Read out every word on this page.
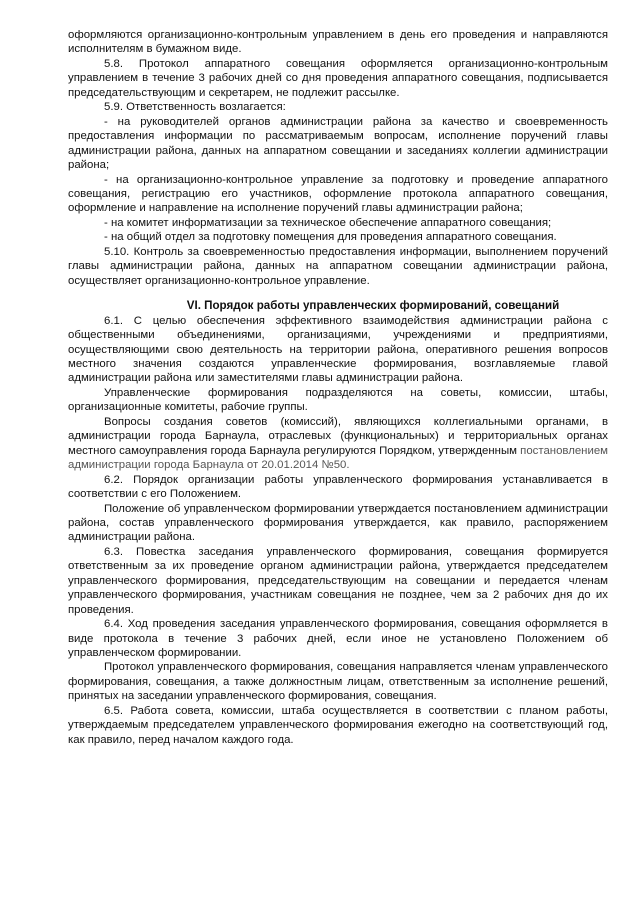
оформляются организационно-контрольным управлением в день его проведения и направляются исполнителям в бумажном виде.

5.8. Протокол аппаратного совещания оформляется организационно-контрольным управлением в течение 3 рабочих дней со дня проведения аппаратного совещания, подписывается председательствующим и секретарем, не подлежит рассылке.

5.9. Ответственность возлагается:

- на руководителей органов администрации района за качество и своевременность предоставления информации по рассматриваемым вопросам, исполнение поручений главы администрации района, данных на аппаратном совещании и заседаниях коллегии администрации района;

- на организационно-контрольное управление за подготовку и проведение аппаратного совещания, регистрацию его участников, оформление протокола аппаратного совещания, оформление и направление на исполнение поручений главы администрации района;

- на комитет информатизации за техническое обеспечение аппаратного совещания;

- на общий отдел за подготовку помещения для проведения аппаратного совещания.

5.10. Контроль за своевременностью предоставления информации, выполнением поручений главы администрации района, данных на аппаратном совещании администрации района, осуществляет организационно-контрольное управление.

VI. Порядок работы управленческих формирований, совещаний

6.1. С целью обеспечения эффективного взаимодействия администрации района с общественными объединениями, организациями, учреждениями и предприятиями, осуществляющими свою деятельность на территории района, оперативного решения вопросов местного значения создаются управленческие формирования, возглавляемые главой администрации района или заместителями главы администрации района.

Управленческие формирования подразделяются на советы, комиссии, штабы, организационные комитеты, рабочие группы.

Вопросы создания советов (комиссий), являющихся коллегиальными органами, в администрации города Барнаула, отраслевых (функциональных) и территориальных органах местного самоуправления города Барнаула регулируются Порядком, утвержденным постановлением администрации города Барнаула от 20.01.2014 №50.

6.2. Порядок организации работы управленческого формирования устанавливается в соответствии с его Положением.

Положение об управленческом формировании утверждается постановлением администрации района, состав управленческого формирования утверждается, как правило, распоряжением администрации района.

6.3. Повестка заседания управленческого формирования, совещания формируется ответственным за их проведение органом администрации района, утверждается председателем управленческого формирования, председательствующим на совещании и передается членам управленческого формирования, участникам совещания не позднее, чем за 2 рабочих дня до их проведения.

6.4. Ход проведения заседания управленческого формирования, совещания оформляется в виде протокола в течение 3 рабочих дней, если иное не установлено Положением об управленческом формировании.

Протокол управленческого формирования, совещания направляется членам управленческого формирования, совещания, а также должностным лицам, ответственным за исполнение решений, принятых на заседании управленческого формирования, совещания.

6.5. Работа совета, комиссии, штаба осуществляется в соответствии с планом работы, утверждаемым председателем управленческого формирования ежегодно на соответствующий год, как правило, перед началом каждого года.
